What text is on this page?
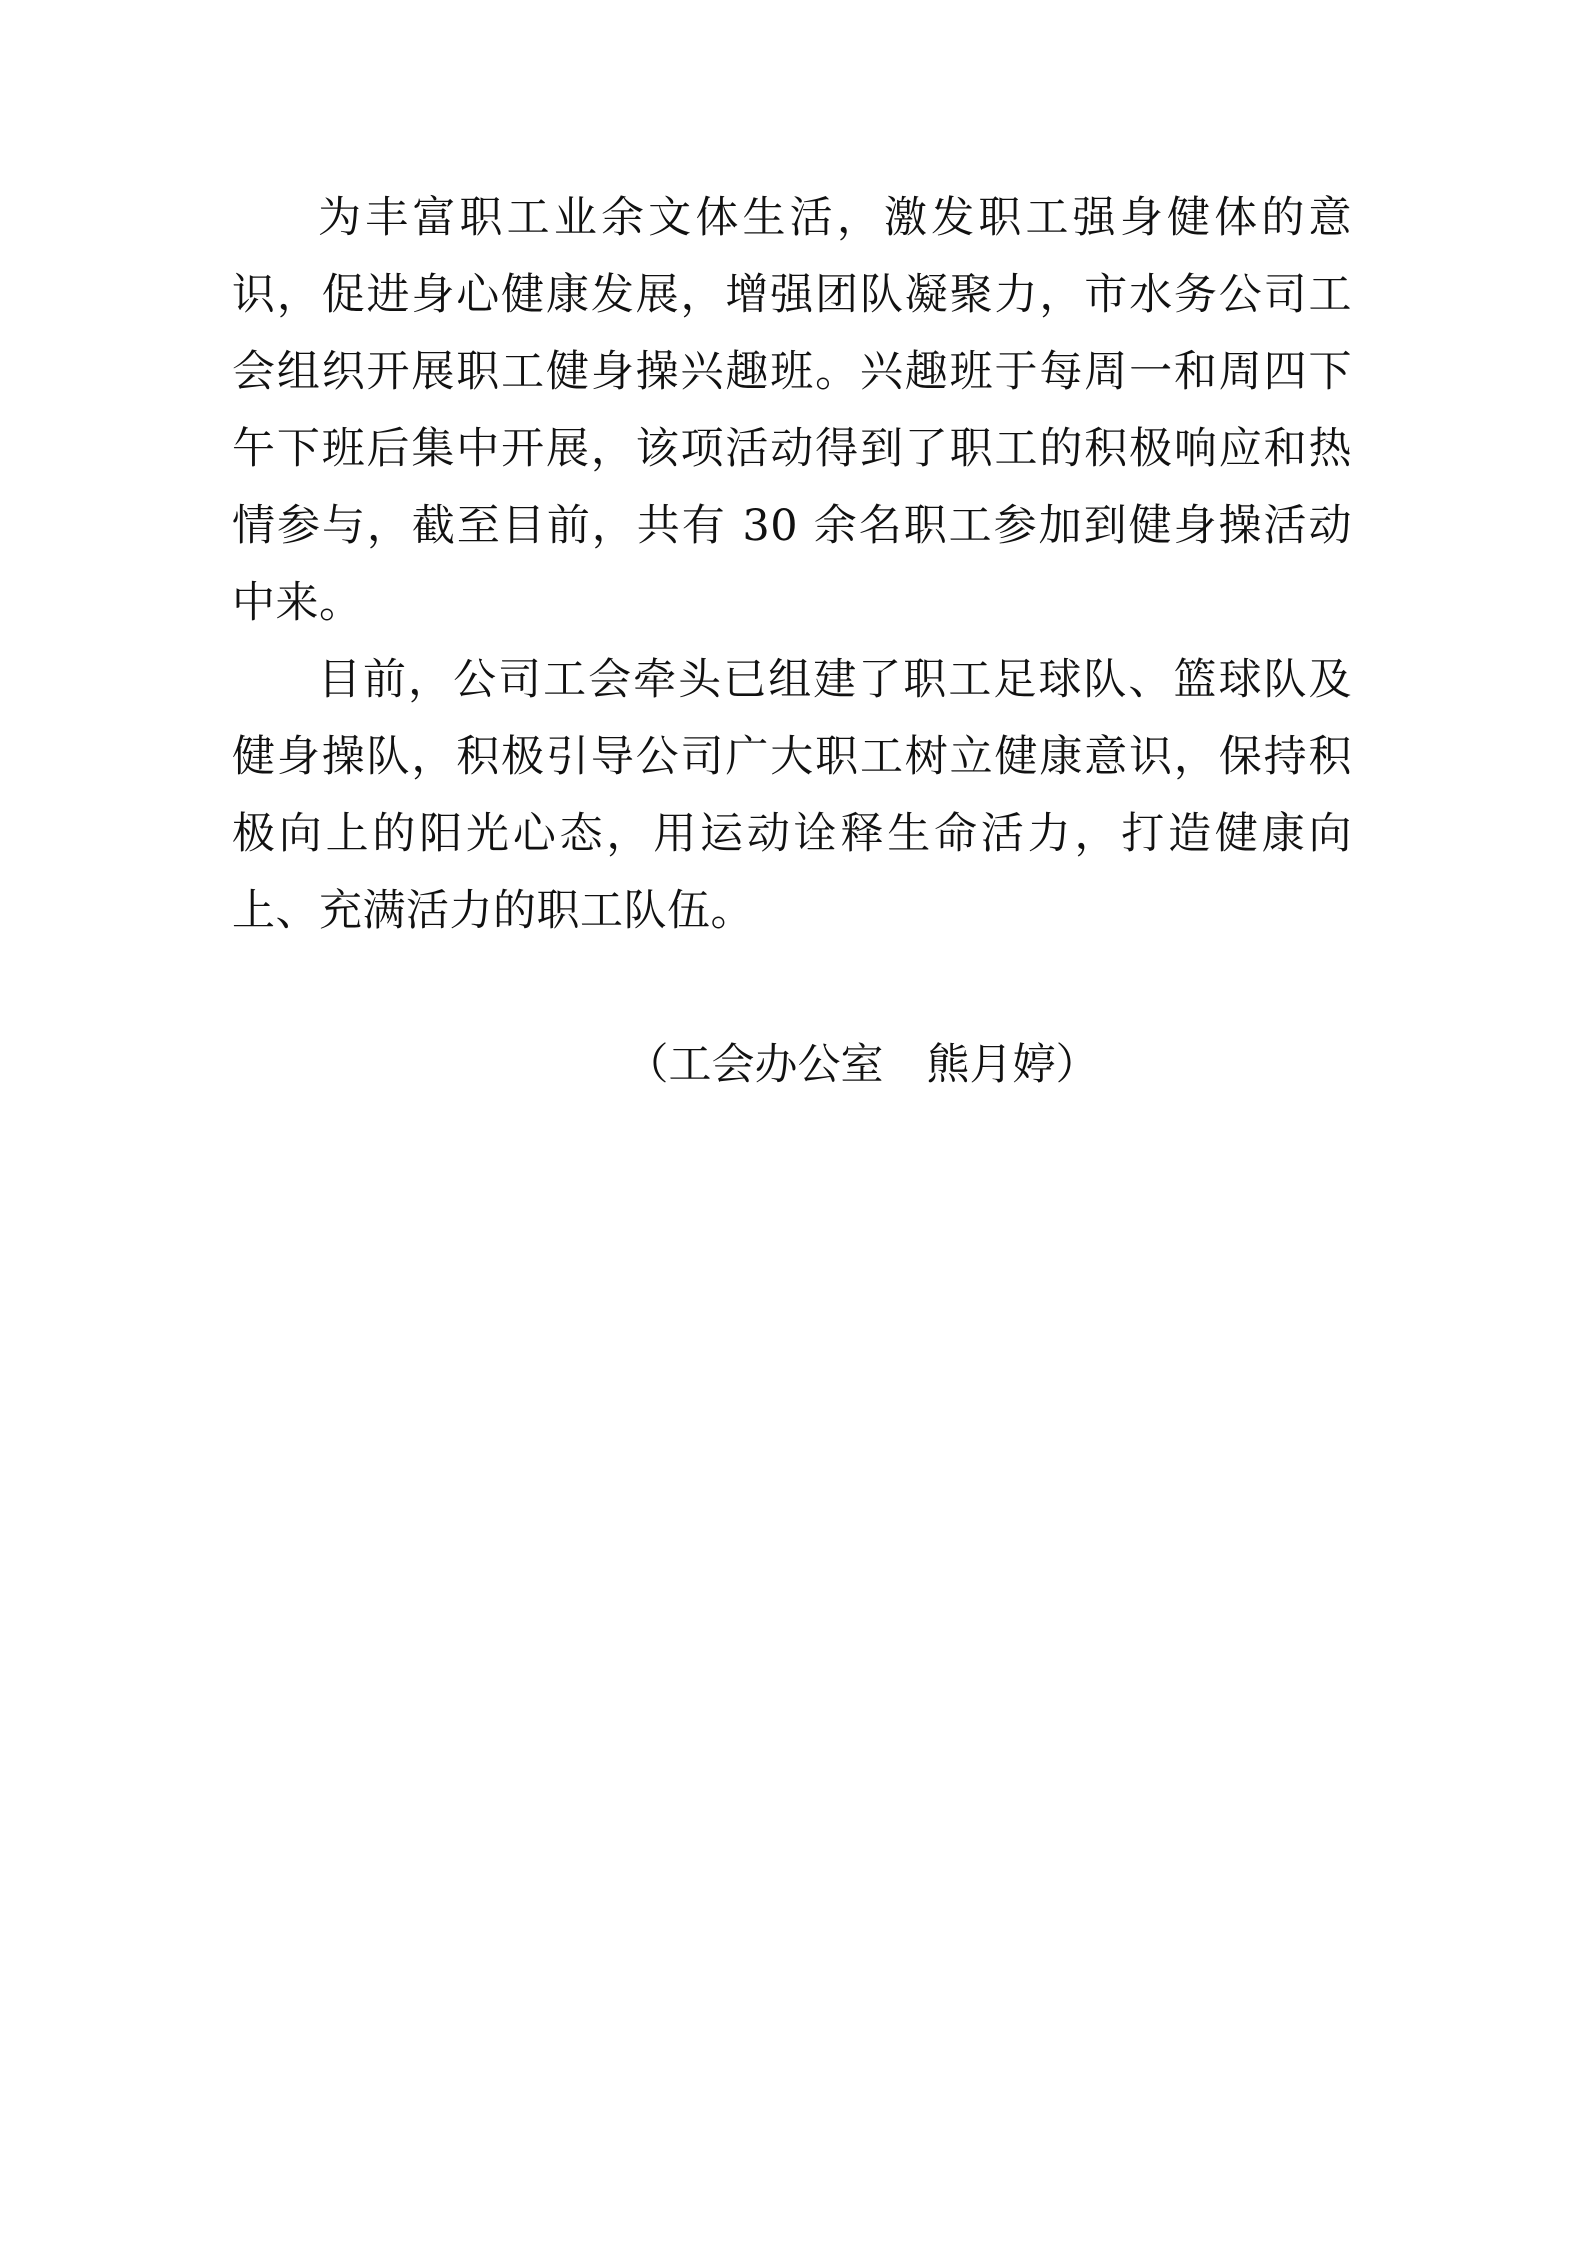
为丰富职工业余文体生活，激发职工强身健体的意识，促进身心健康发展，增强团队凝聚力，市水务公司工会组织开展职工健身操兴趣班。兴趣班于每周一和周四下午下班后集中开展，该项活动得到了职工的积极响应和热情参与，截至目前，共有 30 余名职工参加到健身操活动中来。

目前，公司工会牵头已组建了职工足球队、篮球队及健身操队，积极引导公司广大职工树立健康意识，保持积极向上的阳光心态，用运动诠释生命活力，打造健康向上、充满活力的职工队伍。

（工会办公室　熊月婷）
